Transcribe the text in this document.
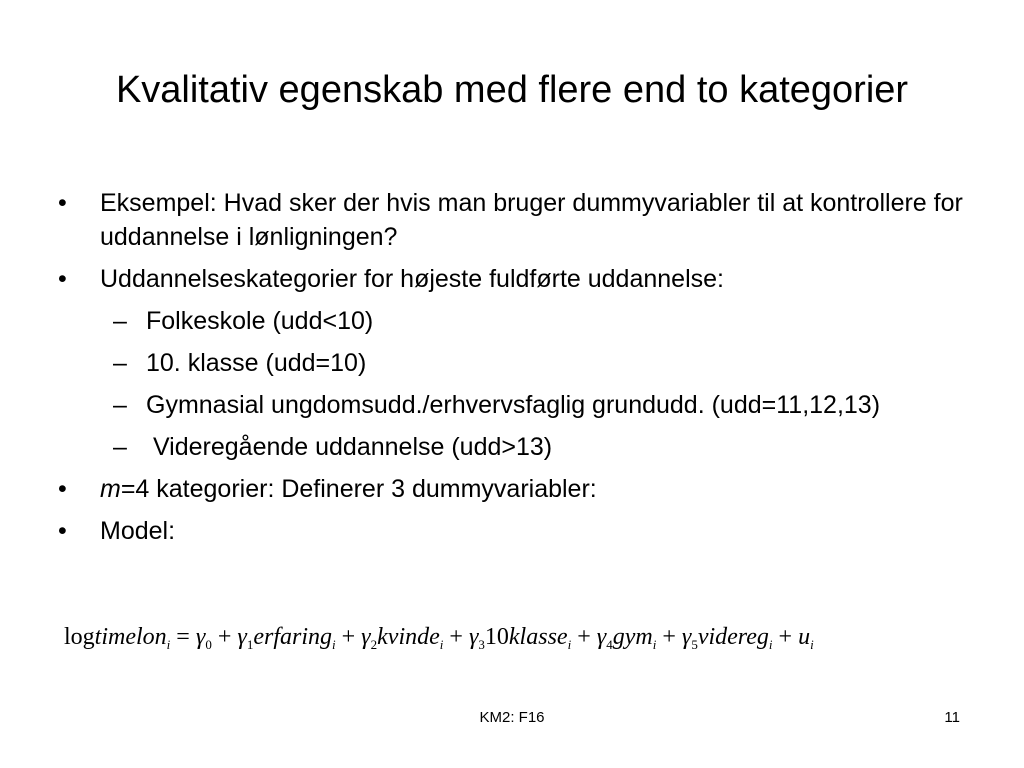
Kvalitativ egenskab med flere end to kategorier
•	Eksempel: Hvad sker der hvis man bruger dummyvariabler til at kontrollere for uddannelse i lønligningen?
•	Uddannelseskategorier for højeste fuldførte uddannelse:
– Folkeskole (udd<10)
– 10. klasse (udd=10)
– Gymnasial ungdomsudd./erhvervsfaglig grundudd. (udd=11,12,13)
– Videregående uddannelse (udd>13)
•	m=4 kategorier: Definerer 3 dummyvariabler:
•	Model:
logtimelon$_i$ = $\gamma_0$ + $\gamma_1erfaring_i$ + $\gamma_2kvinde_i$ + $\gamma_310klasse_i + \gamma_4gym_i$ + $\gamma_5videreg_i + u_i$
KM2: F16	11
